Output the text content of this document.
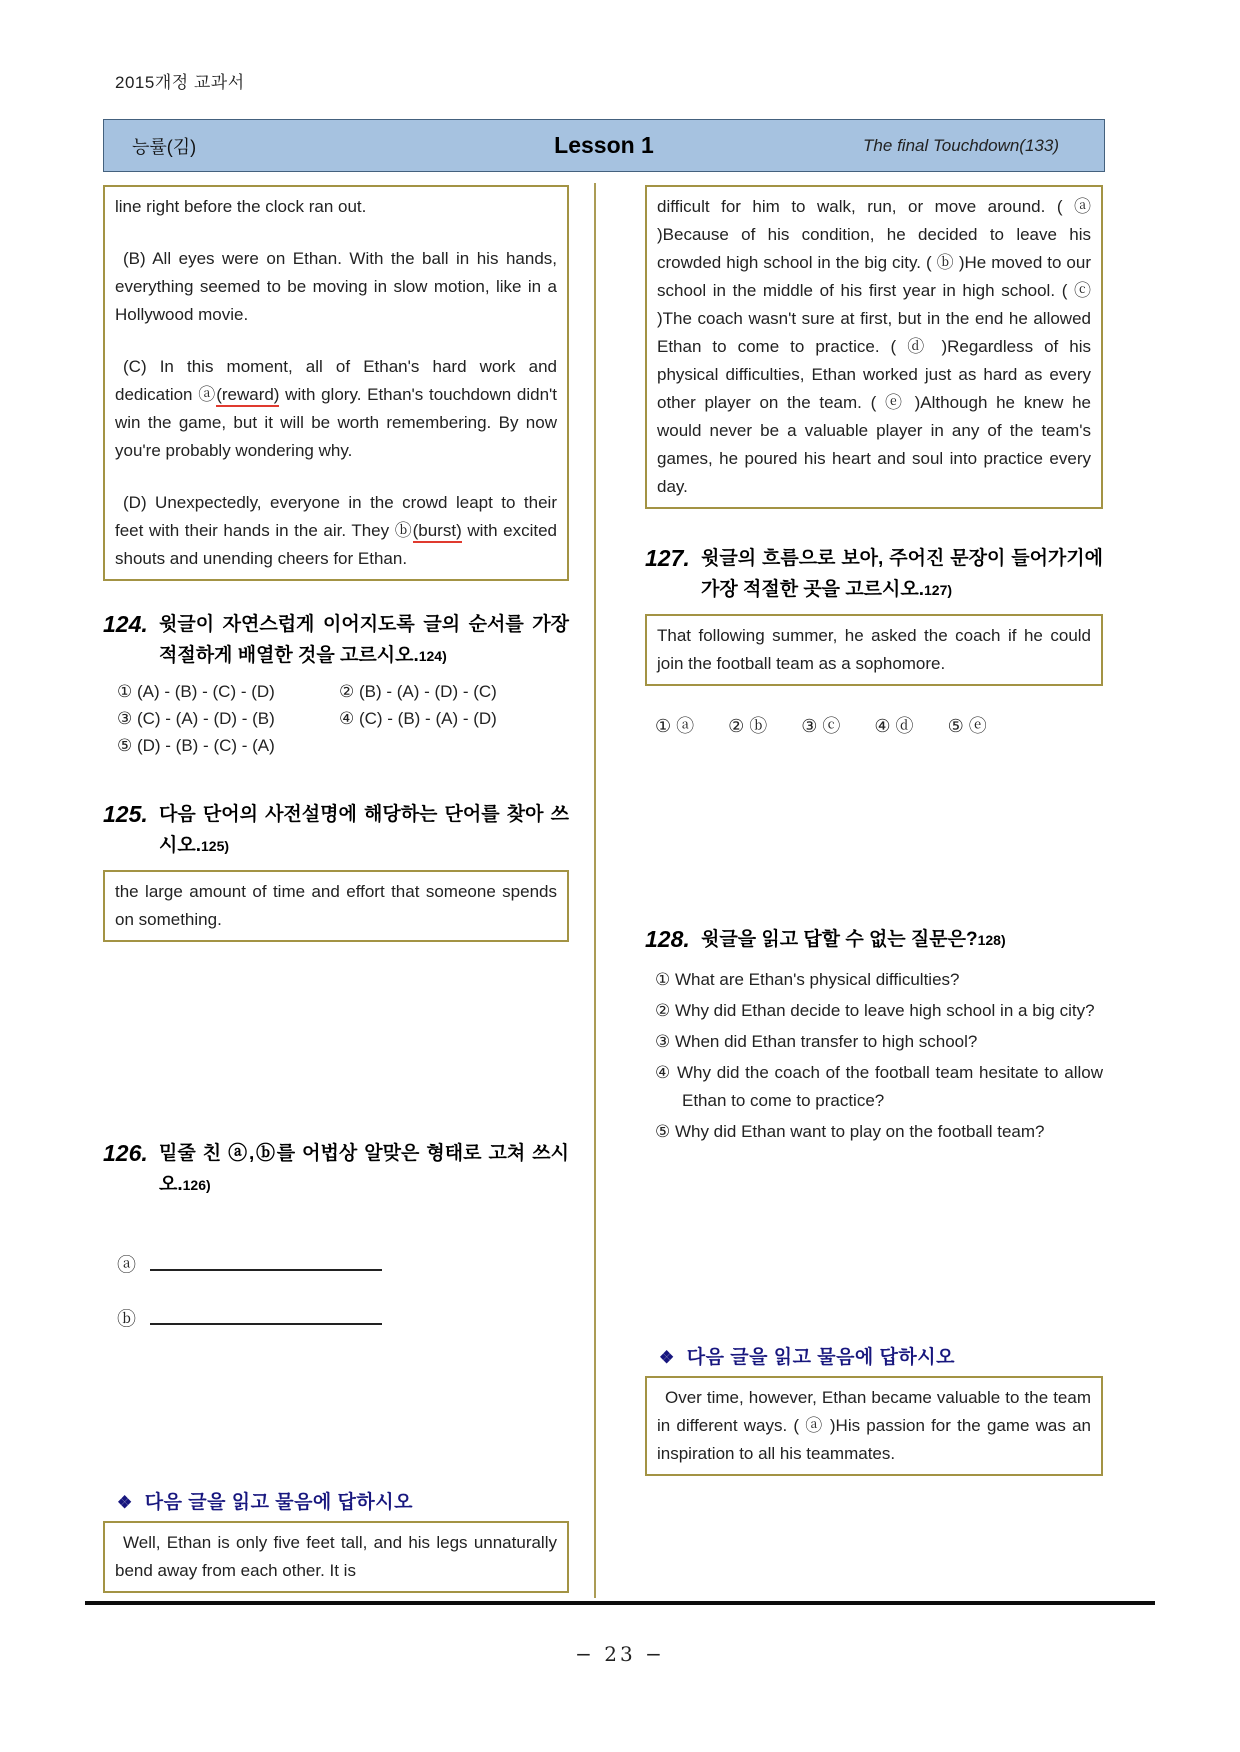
2015개정 교과서
능률(김)	Lesson 1	The final Touchdown(133)

line right before the clock ran out.

(B) All eyes were on Ethan. With the ball in his hands, everything seemed to be moving in slow motion, like in a Hollywood movie.

(C) In this moment, all of Ethan's hard work and dedication ⓐ(reward) with glory. Ethan's touchdown didn't win the game, but it will be worth remembering. By now you're probably wondering why.

(D) Unexpectedly, everyone in the crowd leapt to their feet with their hands in the air. They ⓑ(burst) with excited shouts and unending cheers for Ethan.

124. 윗글이 자연스럽게 이어지도록 글의 순서를 가장 적절하게 배열한 것을 고르시오.124)
① (A) - (B) - (C) - (D)	② (B) - (A) - (D) - (C)③ (C) - (A) - (D) - (B)	④ (C) - (B) - (A) - (D)⑤ (D) - (B) - (C) - (A)
125. 다음 단어의 사전설명에 해당하는 단어를 찾아 쓰시오.125)
the large amount of time and effort that someone spends on something.
126. 밑줄 친 ⓐ,ⓑ를 어법상 알맞은 형태로 고쳐 쓰시오.126)
ⓐ
ⓑ
❖ 다음 글을 읽고 물음에 답하시오

Well, Ethan is only five feet tall, and his legs unnaturally bend away from each other. It is

difficult for him to walk, run, or move around. ( ⓐ )Because of his condition, he decided to leave his crowded high school in the big city. ( ⓑ )He moved to our school in the middle of his first year in high school. ( ⓒ )The coach wasn't sure at first, but in the end he allowed Ethan to come to practice. ( ⓓ )Regardless of his physical difficulties, Ethan worked just as hard as every other player on the team. ( ⓔ )Although he knew he would never be a valuable player in any of the team's games, he poured his heart and soul into practice every day.

127. 윗글의 흐름으로 보아, 주어진 문장이 들어가기에 가장 적절한 곳을 고르시오.127)
That following summer, he asked the coach if he could join the football team as a sophomore.
① ⓐ ② ⓑ ③ ⓒ ④ ⓓ ⑤ ⓔ
128. 윗글을 읽고 답할 수 없는 질문은?128)
① What are Ethan's physical difficulties?
② Why did Ethan decide to leave high school in a big city?
③ When did Ethan transfer to high school?
④ Why did the coach of the football team hesitate to allow Ethan to come to practice?
⑤ Why did Ethan want to play on the football team?
❖ 다음 글을 읽고 물음에 답하시오

Over time, however, Ethan became valuable to the team in different ways. ( ⓐ )His passion for the game was an inspiration to all his teammates.

− 23 −
